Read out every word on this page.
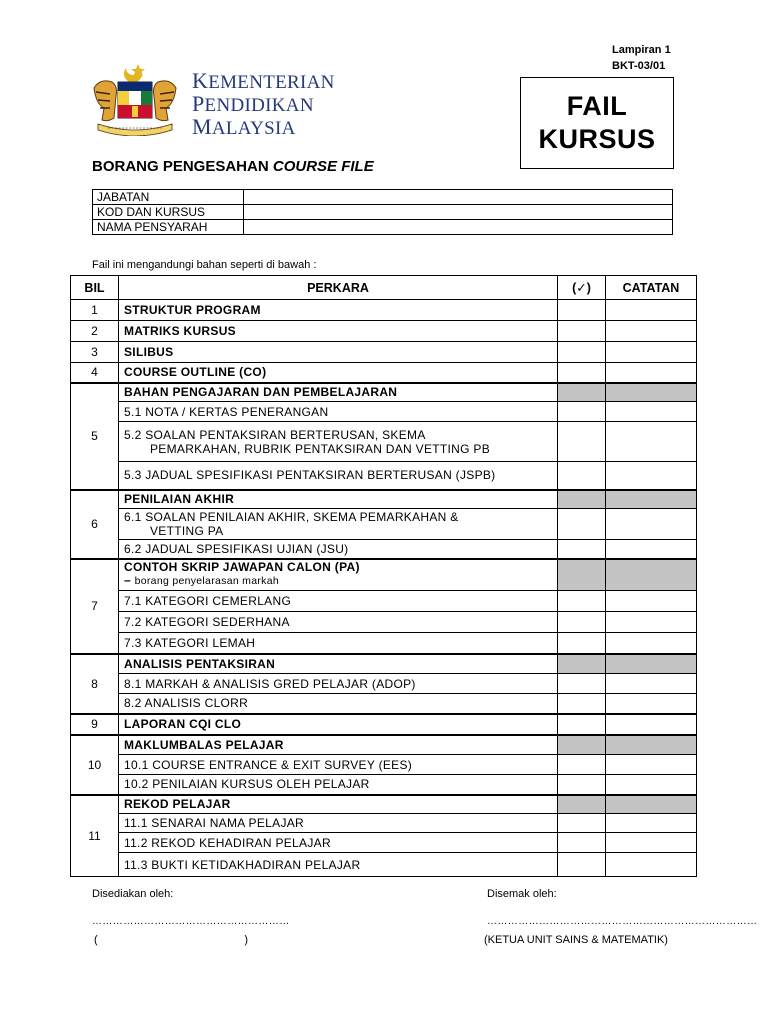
Lampiran 1
BKT-03/01
FAIL
KURSUS
KEMENTERIAN
PENDIDIKAN
MALAYSIA
BORANG PENGESAHAN COURSE FILE
JABATAN	
KOD DAN KURSUS	
NAMA PENSYARAH	
Fail ini mengandungi bahan seperti di bawah :
BIL	PERKARA	(✓)	CATATAN
1	STRUKTUR PROGRAM		
2	MATRIKS KURSUS		
3	SILIBUS		
4	COURSE OUTLINE (CO)		
5	BAHAN PENGAJARAN DAN PEMBELAJARAN		
	5.1 NOTA / KERTAS PENERANGAN		

	5.2 SOALAN PENTAKSIRAN BERTERUSAN, SKEMA
PEMARKAHAN, RUBRIK PENTAKSIRAN DAN VETTING PB		
	5.3 JADUAL SPESIFIKASI PENTAKSIRAN BERTERUSAN (JSPB)		
6	PENILAIAN AKHIR		

	6.1 SOALAN PENILAIAN AKHIR, SKEMA PEMARKAHAN &
VETTING PA		
	6.2 JADUAL SPESIFIKASI UJIAN (JSU)		
7	CONTOH SKRIP JAWAPAN CALON (PA)
– borang penyelarasan markah		

	7.1 KATEGORI CEMERLANG		
	7.2 KATEGORI SEDERHANA		
	7.3 KATEGORI LEMAH		
8	ANALISIS PENTAKSIRAN		
	8.1 MARKAH & ANALISIS GRED PELAJAR (ADOP)		
	8.2 ANALISIS CLORR		
9	LAPORAN CQI CLO		
10	MAKLUMBALAS PELAJAR		
	10.1 COURSE ENTRANCE & EXIT SURVEY (EES)		
	10.2 PENILAIAN KURSUS OLEH PELAJAR		
11	REKOD PELAJAR		
	11.1 SENARAI NAMA PELAJAR		
	11.2 REKOD KEHADIRAN PELAJAR		
	11.3 BUKTI KETIDAKHADIRAN PELAJAR		
Disediakan oleh:	Disemak oleh:
…………………………………………………	……………………………………………………………………
(	)	(KETUA UNIT SAINS & MATEMATIK)
